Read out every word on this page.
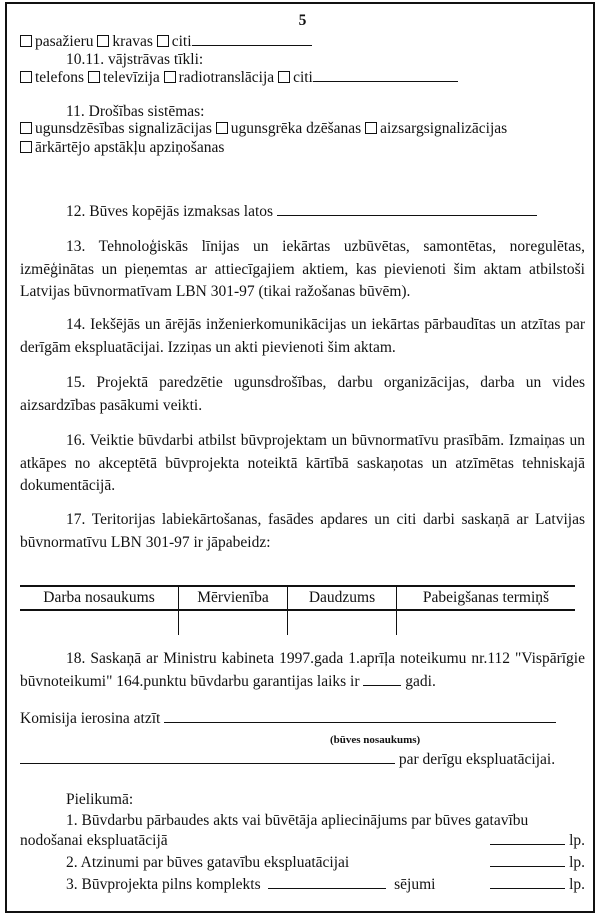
5
pasažieru kravas citi
10.11. vājstrāvas tīkli:
telefons televīzija radiotranslācija citi
11. Drošības sistēmas:
ugunsdzēsības signalizācijas ugunsgrēka dzēšanas aizsargsignalizācijas
ārkārtējo apstākļu apziņošanas
12. Būves kopējās izmaksas latos
13. Tehnoloģiskās līnijas un iekārtas uzbūvētas, samontētas, noregulētas, izmēģinātas un pieņemtas ar attiecīgajiem aktiem, kas pievienoti šim aktam atbilstoši Latvijas būvnormatīvam LBN 301-97 (tikai ražošanas būvēm).
14. Iekšējās un ārējās inženierkomunikācijas un iekārtas pārbaudītas un atzītas par derīgām ekspluatācijai. Izziņas un akti pievienoti šim aktam.
15. Projektā paredzētie ugunsdrošības, darbu organizācijas, darba un vides aizsardzības pasākumi veikti.
16. Veiktie būvdarbi atbilst būvprojektam un būvnormatīvu prasībām. Izmaiņas un atkāpes no akceptētā būvprojekta noteiktā kārtībā saskaņotas un atzīmētas tehniskajā dokumentācijā.
17. Teritorijas labiekārtošanas, fasādes apdares un citi darbi saskaņā ar Latvijas būvnormatīvu LBN 301-97 ir jāpabeidz:
Darba nosaukums	Mērvienība	Daudzums	Pabeigšanas termiņš

18. Saskaņā ar Ministru kabineta 1997.gada 1.aprīļa noteikumu nr.112 "Vispārīgie būvnoteikumi" 164.punktu būvdarbu garantijas laiks ir	gadi.
Komisija ierosina atzīt
(būves nosaukums)
par derīgu ekspluatācijai.
Pielikumā:
1. Būvdarbu pārbaudes akts vai būvētāja apliecinājums par būves gatavību
nodošanai ekspluatācijā
	lp.
2. Atzinumi par būves gatavību ekspluatācijai
	lp.
3. Būvprojekta pilns komplekts

	sējumi
	lp.
